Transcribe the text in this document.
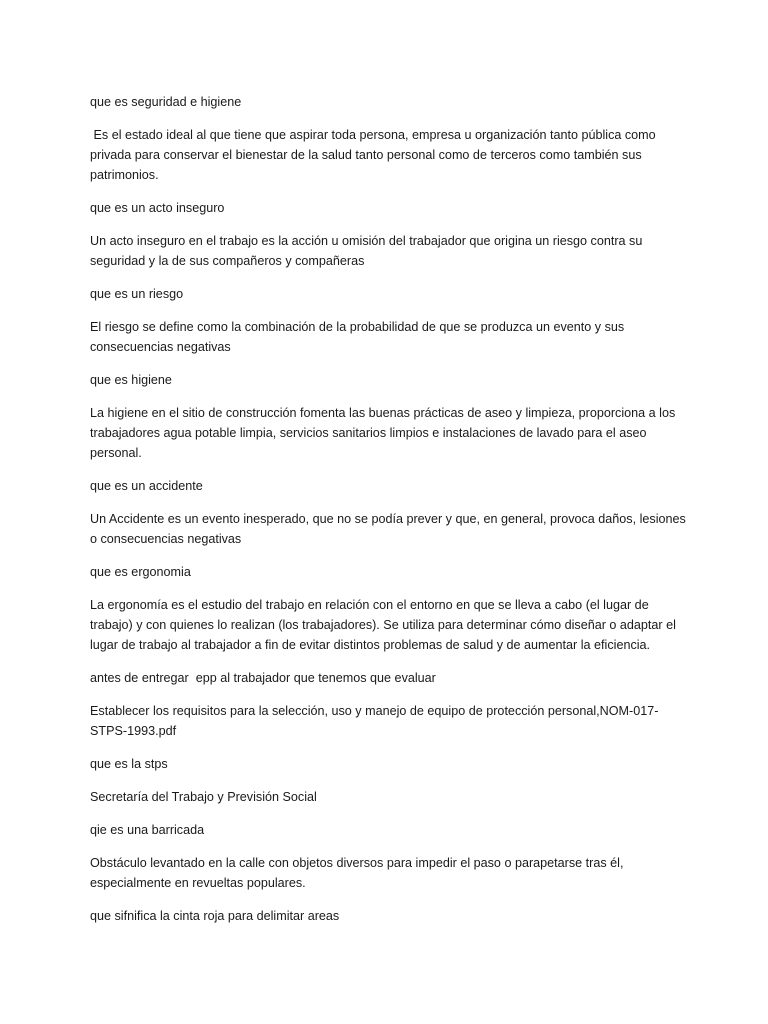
que es seguridad e higiene

Es el estado ideal al que tiene que aspirar toda persona, empresa u organización tanto pública como privada para conservar el bienestar de la salud tanto personal como de terceros como también sus patrimonios.

que es un acto inseguro

Un acto inseguro en el trabajo es la acción u omisión del trabajador que origina un riesgo contra su seguridad y la de sus compañeros y compañeras

que es un riesgo

El riesgo se define como la combinación de la probabilidad de que se produzca un evento y sus consecuencias negativas

que es higiene

La higiene en el sitio de construcción fomenta las buenas prácticas de aseo y limpieza, proporciona a los trabajadores agua potable limpia, servicios sanitarios limpios e instalaciones de lavado para el aseo personal.

que es un accidente

Un Accidente es un evento inesperado, que no se podía prever y que, en general, provoca daños, lesiones o consecuencias negativas

que es ergonomia

La ergonomía es el estudio del trabajo en relación con el entorno en que se lleva a cabo (el lugar de trabajo) y con quienes lo realizan (los trabajadores). Se utiliza para determinar cómo diseñar o adaptar el lugar de trabajo al trabajador a fin de evitar distintos problemas de salud y de aumentar la eficiencia.

antes de entregar  epp al trabajador que tenemos que evaluar

Establecer los requisitos para la selección, uso y manejo de equipo de protección personal,NOM-017-STPS-1993.pdf

que es la stps

Secretaría del Trabajo y Previsión Social

qie es una barricada

Obstáculo levantado en la calle con objetos diversos para impedir el paso o parapetarse tras él, especialmente en revueltas populares.

que sifnifica la cinta roja para delimitar areas
